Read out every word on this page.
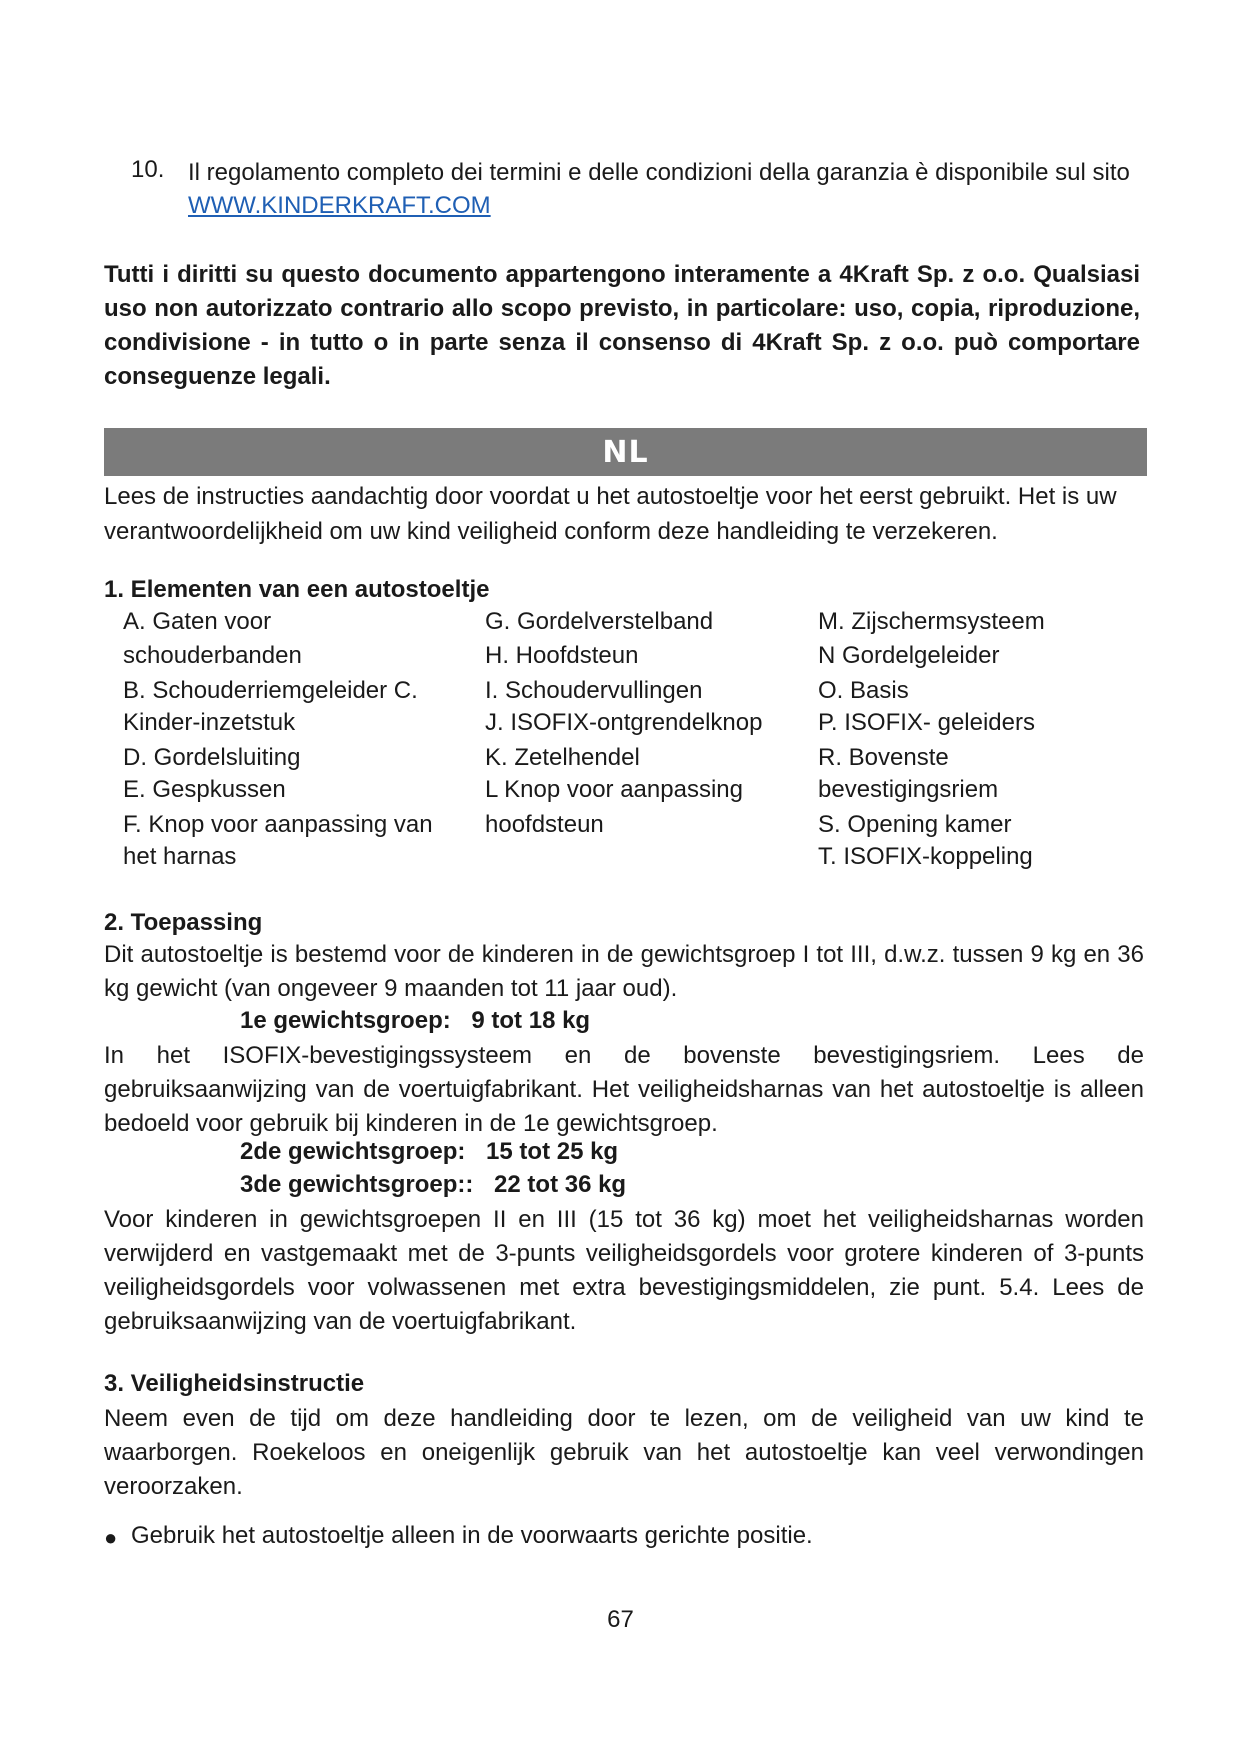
10. Il regolamento completo dei termini e delle condizioni della garanzia è disponibile sul sito WWW.KINDERKRAFT.COM
Tutti i diritti su questo documento appartengono interamente a 4Kraft Sp. z o.o. Qualsiasi uso non autorizzato contrario allo scopo previsto, in particolare: uso, copia, riproduzione, condivisione - in tutto o in parte senza il consenso di 4Kraft Sp. z o.o. può comportare conseguenze legali.
NL
Lees de instructies aandachtig door voordat u het autostoeltje voor het eerst gebruikt. Het is uw verantwoordelijkheid om uw kind veiligheid conform deze handleiding te verzekeren.
1. Elementen van een autostoeltje
A. Gaten voor
schouderbanden
B. Schouderriemgeleider C.
Kinder-inzetstuk
D. Gordelsluiting
E. Gespkussen
F. Knop voor aanpassing van
het harnas
G. Gordelverstelband
H. Hoofdsteun
I. Schoudervullingen
J. ISOFIX-ontgrendelknop
K. Zetelhendel
L Knop voor aanpassing
hoofdsteun
M. Zijschermsysteem
N Gordelgeleider
O. Basis
P. ISOFIX- geleiders
R. Bovenste
bevestigingsriem
S. Opening kamer
T. ISOFIX-koppeling
2. Toepassing
Dit autostoeltje is bestemd voor de kinderen in de gewichtsgroep I tot III, d.w.z. tussen 9 kg en 36 kg gewicht (van ongeveer 9 maanden tot 11 jaar oud).
1e gewichtsgroep: 9 tot 18 kg
In het ISOFIX-bevestigingssysteem en de bovenste bevestigingsriem. Lees de gebruiksaanwijzing van de voertuigfabrikant. Het veiligheidsharnas van het autostoeltje is alleen bedoeld voor gebruik bij kinderen in de 1e gewichtsgroep.
2de gewichtsgroep: 15 tot 25 kg
3de gewichtsgroep:: 22 tot 36 kg
Voor kinderen in gewichtsgroepen II en III (15 tot 36 kg) moet het veiligheidsharnas worden verwijderd en vastgemaakt met de 3-punts veiligheidsgordels voor grotere kinderen of 3-punts veiligheidsgordels voor volwassenen met extra bevestigingsmiddelen, zie punt. 5.4. Lees de gebruiksaanwijzing van de voertuigfabrikant.
3. Veiligheidsinstructie
Neem even de tijd om deze handleiding door te lezen, om de veiligheid van uw kind te waarborgen. Roekeloos en oneigenlijk gebruik van het autostoeltje kan veel verwondingen veroorzaken.
● Gebruik het autostoeltje alleen in de voorwaarts gerichte positie.
67
